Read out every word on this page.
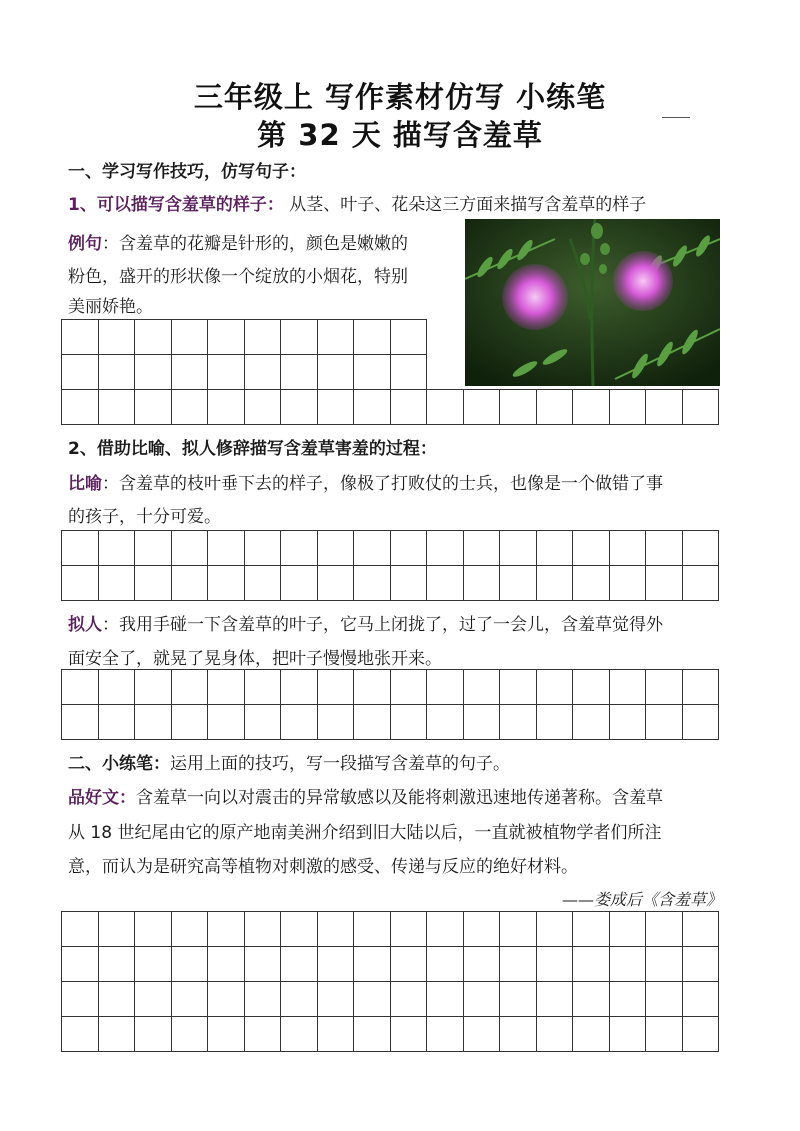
三年级上 写作素材仿写 小练笔
第 32 天 描写含羞草
一、学习写作技巧，仿写句子：
1、可以描写含羞草的样子： 从茎、叶子、花朵这三方面来描写含羞草的样子
例句：含羞草的花瓣是针形的，颜色是嫩嫩的
粉色，盛开的形状像一个绽放的小烟花，特别
美丽娇艳。
2、借助比喻、拟人修辞描写含羞草害羞的过程：
比喻：含羞草的枝叶垂下去的样子，像极了打败仗的士兵，也像是一个做错了事
的孩子，十分可爱。
拟人：我用手碰一下含羞草的叶子，它马上闭拢了，过了一会儿，含羞草觉得外
面安全了，就晃了晃身体，把叶子慢慢地张开来。
二、小练笔：运用上面的技巧，写一段描写含羞草的句子。
品好文：含羞草一向以对震击的异常敏感以及能将刺激迅速地传递著称。含羞草
从 18 世纪尾由它的原产地南美洲介绍到旧大陆以后，一直就被植物学者们所注
意，而认为是研究高等植物对刺激的感受、传递与反应的绝好材料。
——娄成后《含羞草》
